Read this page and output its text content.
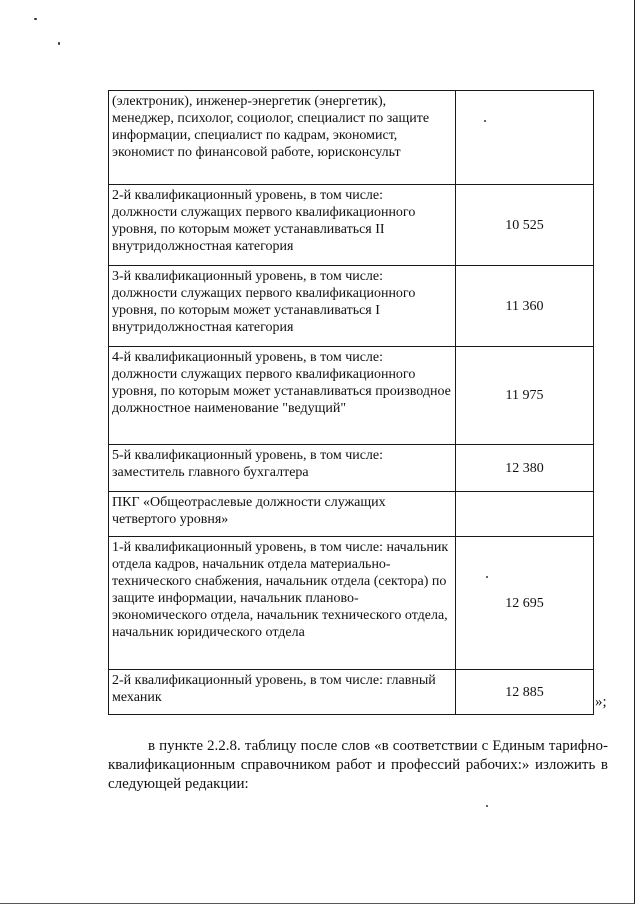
(электроник), инженер-энергетик (энергетик), менеджер, психолог, социолог, специалист по защите информации, специалист по кадрам, экономист, экономист по финансовой работе, юрисконсульт	
2-й квалификационный уровень, в том числе: должности служащих первого квалификационного уровня, по которым может устанавливаться II внутридолжностная категория	10 525
3-й квалификационный уровень, в том числе: должности служащих первого квалификационного уровня, по которым может устанавливаться I внутридолжностная категория	11 360
4-й квалификационный уровень, в том числе: должности служащих первого квалификационного уровня, по которым может устанавливаться производное должностное наименование "ведущий"	11 975
5-й квалификационный уровень, в том числе: заместитель главного бухгалтера	12 380
ПКГ «Общеотраслевые должности служащих четвертого уровня»	
1-й квалификационный уровень, в том числе: начальник отдела кадров, начальник отдела материально-технического снабжения, начальник отдела (сектора) по защите информации, начальник планово-экономического отдела, начальник технического отдела, начальник юридического отдела	12 695
2-й квалификационный уровень, в том числе: главный механик	12 885
»;

в пункте 2.2.8. таблицу после слов «в соответствии с Единым тарифно-квалификационным справочником работ и профессий рабочих:» изложить в следующей редакции:
